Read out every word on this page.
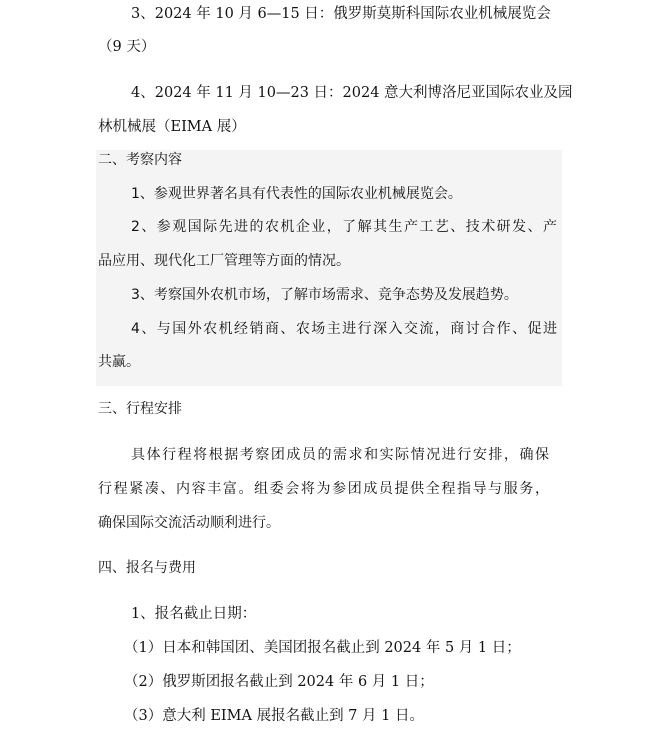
3、2024 年 10 月 6—15 日：俄罗斯莫斯科国际农业机械展览会
（9 天）
4、2024 年 11 月 10—23 日：2024 意大利博洛尼亚国际农业及园
林机械展（EIMA 展）
二、考察内容
1、参观世界著名具有代表性的国际农业机械展览会。
2、参观国际先进的农机企业，了解其生产工艺、技术研发、产
品应用、现代化工厂管理等方面的情况。
3、考察国外农机市场，了解市场需求、竞争态势及发展趋势。
4、与国外农机经销商、农场主进行深入交流，商讨合作、促进
共赢。
三、行程安排
具体行程将根据考察团成员的需求和实际情况进行安排，确保
行程紧凑、内容丰富。组委会将为参团成员提供全程指导与服务，
确保国际交流活动顺利进行。
四、报名与费用
1、报名截止日期：
（1）日本和韩国团、美国团报名截止到 2024 年 5 月 1 日；
（2）俄罗斯团报名截止到 2024 年 6 月 1 日；
（3）意大利 EIMA 展报名截止到 7 月 1 日。
